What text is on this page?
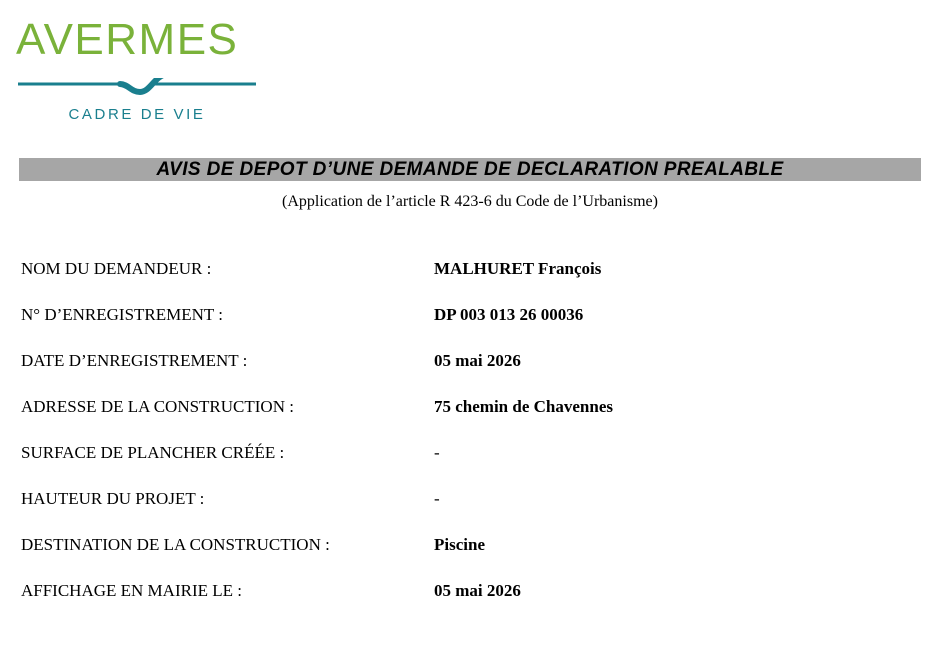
AVERMES
CADRE DE VIE
AVIS DE DEPOT D’UNE DEMANDE DE DECLARATION PREALABLE
(Application de l’article R 423-6 du Code de l’Urbanisme)
NOM DU DEMANDEUR :	MALHURET François
N° D’ENREGISTREMENT :	DP 003 013 26 00036
DATE D’ENREGISTREMENT :	05 mai 2026
ADRESSE DE LA CONSTRUCTION :	75 chemin de Chavennes
SURFACE DE PLANCHER CRÉÉE :	-
HAUTEUR DU PROJET :	-
DESTINATION DE LA CONSTRUCTION :	Piscine
AFFICHAGE EN MAIRIE LE :	05 mai 2026
